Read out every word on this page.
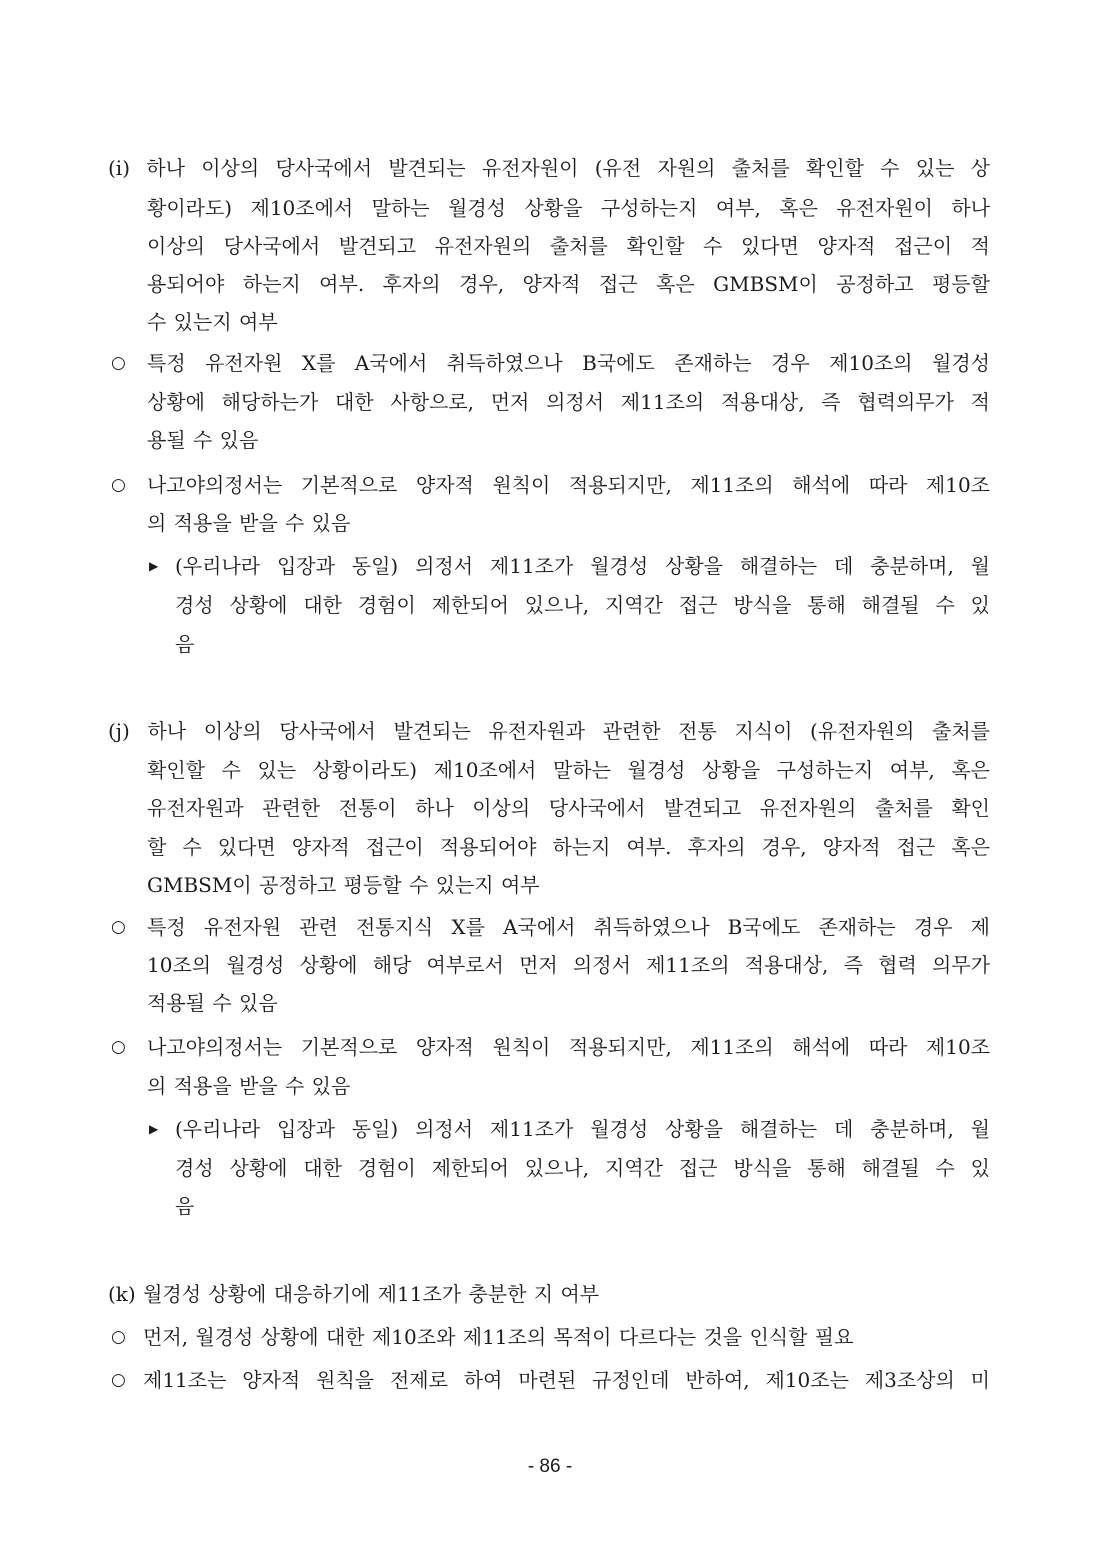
(i) 하나 이상의 당사국에서 발견되는 유전자원이 (유전 자원의 출처를 확인할 수 있는 상
황이라도) 제10조에서 말하는 월경성 상황을 구성하는지 여부, 혹은 유전자원이 하나
이상의 당사국에서 발견되고 유전자원의 출처를 확인할 수 있다면 양자적 접근이 적
용되어야 하는지 여부. 후자의 경우, 양자적 접근 혹은 GMBSM이 공정하고 평등할
수 있는지 여부
○ 특정 유전자원 X를 A국에서 취득하였으나 B국에도 존재하는 경우 제10조의 월경성
상황에 해당하는가 대한 사항으로, 먼저 의정서 제11조의 적용대상, 즉 협력의무가 적
용될 수 있음
○ 나고야의정서는 기본적으로 양자적 원칙이 적용되지만, 제11조의 해석에 따라 제10조
의 적용을 받을 수 있음
▶ (우리나라 입장과 동일) 의정서 제11조가 월경성 상황을 해결하는 데 충분하며, 월
경성 상황에 대한 경험이 제한되어 있으나, 지역간 접근 방식을 통해 해결될 수 있
음
(j) 하나 이상의 당사국에서 발견되는 유전자원과 관련한 전통 지식이 (유전자원의 출처를
확인할 수 있는 상황이라도) 제10조에서 말하는 월경성 상황을 구성하는지 여부, 혹은
유전자원과 관련한 전통이 하나 이상의 당사국에서 발견되고 유전자원의 출처를 확인
할 수 있다면 양자적 접근이 적용되어야 하는지 여부. 후자의 경우, 양자적 접근 혹은
GMBSM이 공정하고 평등할 수 있는지 여부
○ 특정 유전자원 관련 전통지식 X를 A국에서 취득하였으나 B국에도 존재하는 경우 제
10조의 월경성 상황에 해당 여부로서 먼저 의정서 제11조의 적용대상, 즉 협력 의무가
적용될 수 있음
○ 나고야의정서는 기본적으로 양자적 원칙이 적용되지만, 제11조의 해석에 따라 제10조
의 적용을 받을 수 있음
▶ (우리나라 입장과 동일) 의정서 제11조가 월경성 상황을 해결하는 데 충분하며, 월
경성 상황에 대한 경험이 제한되어 있으나, 지역간 접근 방식을 통해 해결될 수 있
음
(k) 월경성 상황에 대응하기에 제11조가 충분한 지 여부
○ 먼저, 월경성 상황에 대한 제10조와 제11조의 목적이 다르다는 것을 인식할 필요
○ 제11조는 양자적 원칙을 전제로 하여 마련된 규정인데 반하여, 제10조는 제3조상의 미
- 86 -
